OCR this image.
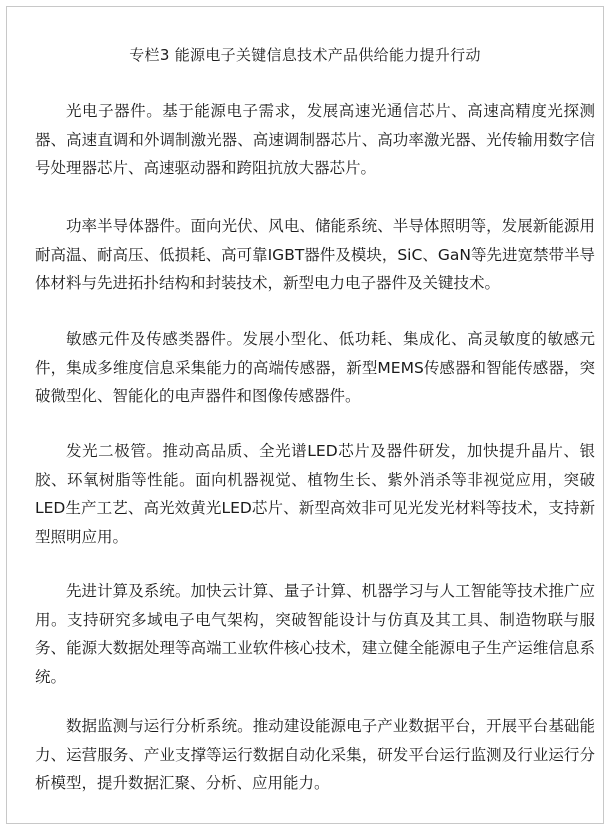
专栏3 能源电子关键信息技术产品供给能力提升行动

光电子器件。基于能源电子需求，发展高速光通信芯片、高速高精度光探测器、高速直调和外调制激光器、高速调制器芯片、高功率激光器、光传输用数字信号处理器芯片、高速驱动器和跨阻抗放大器芯片。

功率半导体器件。面向光伏、风电、储能系统、半导体照明等，发展新能源用耐高温、耐高压、低损耗、高可靠IGBT器件及模块，SiC、GaN等先进宽禁带半导体材料与先进拓扑结构和封装技术，新型电力电子器件及关键技术。

敏感元件及传感类器件。发展小型化、低功耗、集成化、高灵敏度的敏感元件，集成多维度信息采集能力的高端传感器，新型MEMS传感器和智能传感器，突破微型化、智能化的电声器件和图像传感器件。

发光二极管。推动高品质、全光谱LED芯片及器件研发，加快提升晶片、银胶、环氧树脂等性能。面向机器视觉、植物生长、紫外消杀等非视觉应用，突破LED生产工艺、高光效黄光LED芯片、新型高效非可见光发光材料等技术，支持新型照明应用。

先进计算及系统。加快云计算、量子计算、机器学习与人工智能等技术推广应用。支持研究多域电子电气架构，突破智能设计与仿真及其工具、制造物联与服务、能源大数据处理等高端工业软件核心技术，建立健全能源电子生产运维信息系统。

数据监测与运行分析系统。推动建设能源电子产业数据平台，开展平台基础能力、运营服务、产业支撑等运行数据自动化采集，研发平台运行监测及行业运行分析模型，提升数据汇聚、分析、应用能力。
